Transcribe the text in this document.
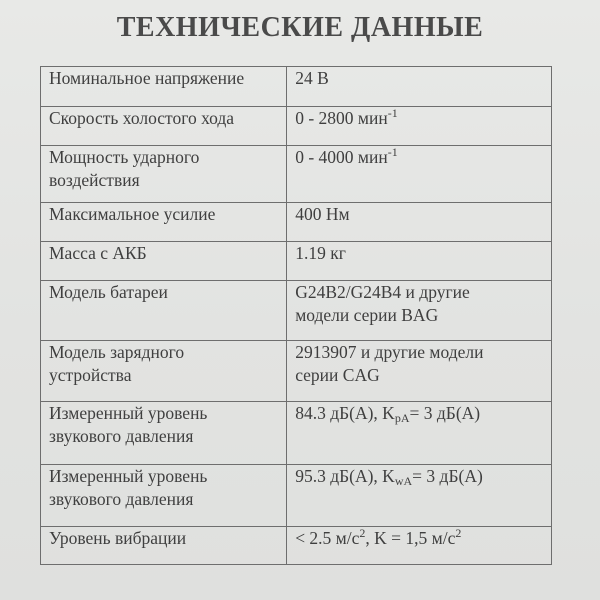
ТЕХНИЧЕСКИЕ ДАННЫЕ
Номинальное напряжение	24 В
Скорость холостого хода	0 - 2800 мин$^{-1}$

Мощность ударного
воздействия	0 - 4000 мин$^{-1}$
Максимальное усилие	400 Нм
Масса с АКБ	1.19 кг
Модель батареи	G24B2/G24B4 и другие
модели серии BAG

Модель зарядного
устройства	2913907 и другие модели
серии CAG

Измеренный уровень
звукового давления	84.3 дБ(А), $K_{pA}= 3$ дБ(А)

Измеренный уровень
звукового давления	95.3 дБ(А), $K_{wA}= 3$ дБ(А)
Уровень вибрации	< 2.5 $м/с^2$, K = 1,5 $м/с^2$
